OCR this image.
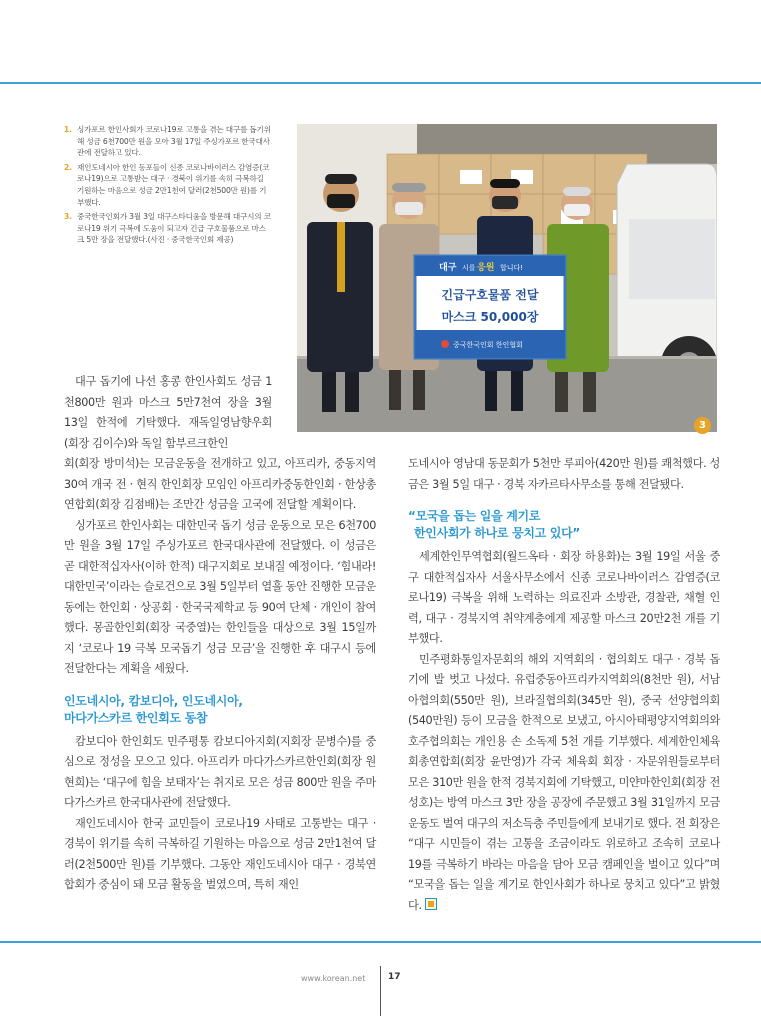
1. 싱가포르 한인사회가 코로나19로 고통을 겪는 대구를 돕기위해 성금 6천700만 원을 모아 3월 17일 주싱가포르 한국대사관에 전달하고 있다.
2. 재인도네시아 한인 동포들이 신종 코로나바이러스 감염증(코로나19)으로 고통받는 대구 · 경북이 위기를 속히 극복하길 기원하는 마음으로 성금 2만1천여 달러(2천500만 원)를 기부했다.
3. 중국한국인회가 3월 3일 대구스타디움을 방문해 대구시의 코로나19 위기 극복에 도움이 되고자 긴급 구호물품으로 마스크 5만 장을 전달했다.(사진 · 중국한국인회 제공)
대구 시를 응원 합니다!
긴급구호물품 전달
마스크 50,000장
중국한국인회 한인협회
3

대구 돕기에 나선 홍콩 한인사회도 성금 1천800만 원과 마스크 5만7천여 장을 3월 13일 한적에 기탁했다. 재독일영남향우회(회장 김이수)와 독일 함부르크한인

회(회장 방미석)는 모금운동을 전개하고 있고, 아프리카, 중동지역 30여 개국 전 · 현직 한인회장 모임인 아프리카중동한인회 · 한상총연합회(회장 김점배)는 조만간 성금을 고국에 전달할 계획이다.

싱가포르 한인사회는 대한민국 돕기 성금 운동으로 모은 6천700만 원을 3월 17일 주싱가포르 한국대사관에 전달했다. 이 성금은 곧 대한적십자사(이하 한적) 대구지회로 보내질 예정이다. ‘힘내라! 대한민국’이라는 슬로건으로 3월 5일부터 열흘 동안 진행한 모금운동에는 한인회 · 상공회 · 한국국제학교 등 90여 단체 · 개인이 참여했다. 몽골한인회(회장 국중열)는 한인들을 대상으로 3월 15일까지 ‘코로나 19 극복 모국돕기 성금 모금’을 진행한 후 대구시 등에 전달한다는 계획을 세웠다.

인도네시아, 캄보디아, 인도네시아,
마다가스카르 한인회도 동참

캄보디아 한인회도 민주평통 캄보디아지회(지회장 문병수)를 중심으로 정성을 모으고 있다. 아프리카 마다가스카르한인회(회장 원현희)는 ‘대구에 힘을 보태자’는 취지로 모은 성금 800만 원을 주마다가스카르 한국대사관에 전달했다.

재인도네시아 한국 교민들이 코로나19 사태로 고통받는 대구 · 경북이 위기를 속히 극복하길 기원하는 마음으로 성금 2만1천여 달러(2천500만 원)를 기부했다. 그동안 재인도네시아 대구 · 경북연합회가 중심이 돼 모금 활동을 벌였으며, 특히 재인

도네시아 영남대 동문회가 5천만 루피아(420만 원)를 쾌척했다. 성금은 3월 5일 대구 · 경북 자카르타사무소를 통해 전달됐다.

“모국을 돕는 일을 계기로
한인사회가 하나로 뭉치고 있다”

세계한인무역협회(월드옥타 · 회장 하용화)는 3월 19일 서울 중구 대한적십자사 서울사무소에서 신종 코로나바이러스 감염증(코로나19) 극복을 위해 노력하는 의료진과 소방관, 경찰관, 채혈 인력, 대구 · 경북지역 취약계층에게 제공할 마스크 20만2천 개를 기부했다.

민주평화통일자문회의 해외 지역회의 · 협의회도 대구 · 경북 돕기에 발 벗고 나섰다. 유럽중동아프리카지역회의(8천만 원), 서남아협의회(550만 원), 브라질협의회(345만 원), 중국 선양협의회(540만원) 등이 모금을 한적으로 보냈고, 아시아태평양지역회의와 호주협의회는 개인용 손 소독제 5천 개를 기부했다. 세계한인체육회총연합회(회장 윤만영)가 각국 체육회 회장 · 자문위원들로부터 모은 310만 원을 한적 경북지회에 기탁했고, 미얀마한인회(회장 전성호)는 방역 마스크 3만 장을 공장에 주문했고 3월 31일까지 모금운동도 벌여 대구의 저소득층 주민들에게 보내기로 했다. 전 회장은 “대구 시민들이 겪는 고통을 조금이라도 위로하고 조속히 코로나19를 극복하기 바라는 마음을 담아 모금 캠페인을 벌이고 있다”며 “모국을 돕는 일을 계기로 한인사회가 하나로 뭉치고 있다”고 밝혔다.

www.korean.net	17
